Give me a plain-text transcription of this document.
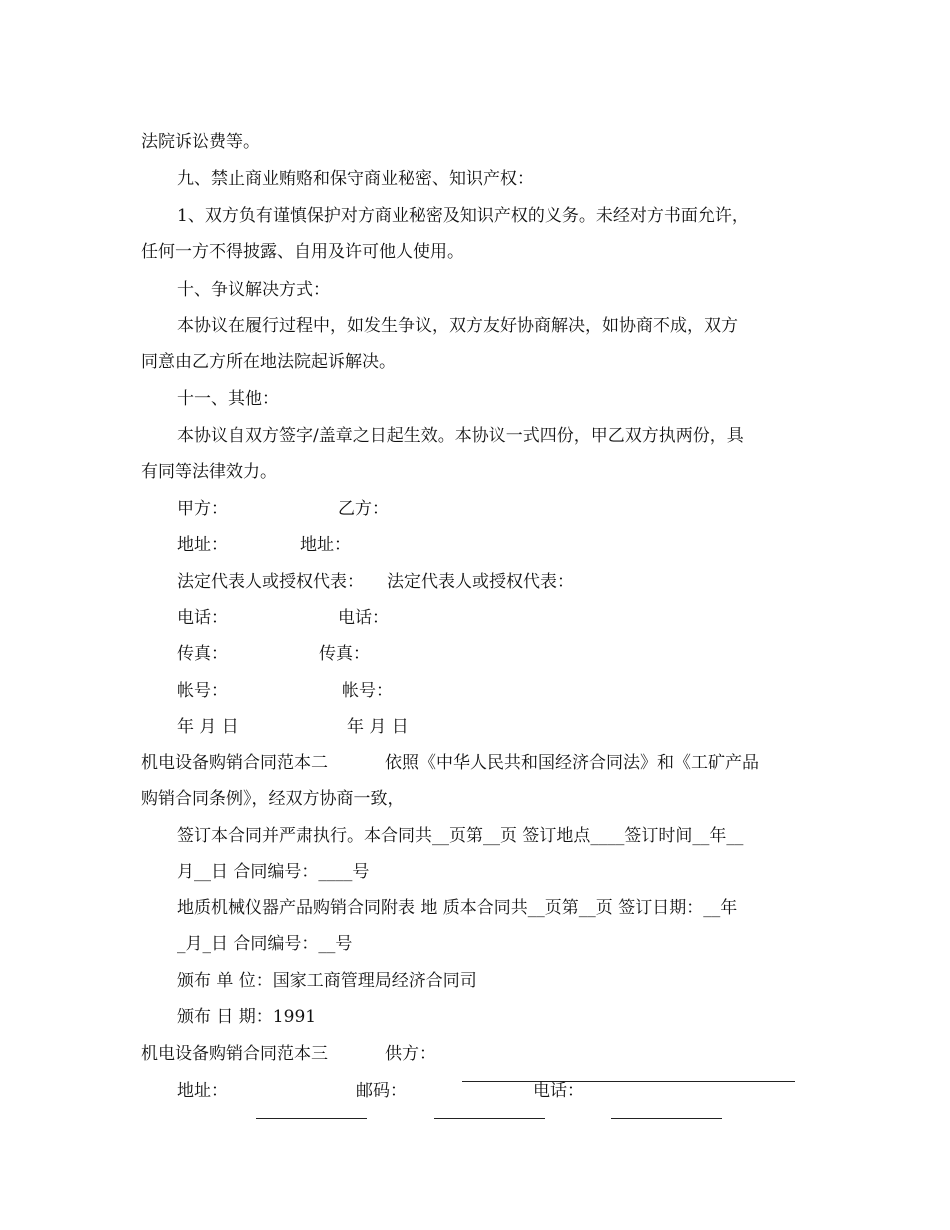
法院诉讼费等。
九、禁止商业贿赂和保守商业秘密、知识产权：
1、双方负有谨慎保护对方商业秘密及知识产权的义务。未经对方书面允许，
任何一方不得披露、自用及许可他人使用。
十、争议解决方式：
本协议在履行过程中，如发生争议，双方友好协商解决，如协商不成，双方
同意由乙方所在地法院起诉解决。
十一、其他：
本协议自双方签字/盖章之日起生效。本协议一式四份，甲乙双方执两份，具
有同等法律效力。
甲方：	乙方：
地址：	地址：
法定代表人或授权代表： 法定代表人或授权代表：
电话：	电话：
传真：	传真：
帐号：	帐号：
年 月 日	年 月 日
机电设备购销合同范本二	依照《中华人民共和国经济合同法》和《工矿产品
购销合同条例》，经双方协商一致，
签订本合同并严肃执行。本合同共__页第__页 签订地点____签订时间__年__
月__日 合同编号：____号
地质机械仪器产品购销合同附表 地 质本合同共__页第__页 签订日期：__年
_月_日 合同编号：__号
颁布 单 位：国家工商管理局经济合同司
颁布 日 期：1991
机电设备购销合同范本三	供方：

地址：

	邮码：

	电话：
